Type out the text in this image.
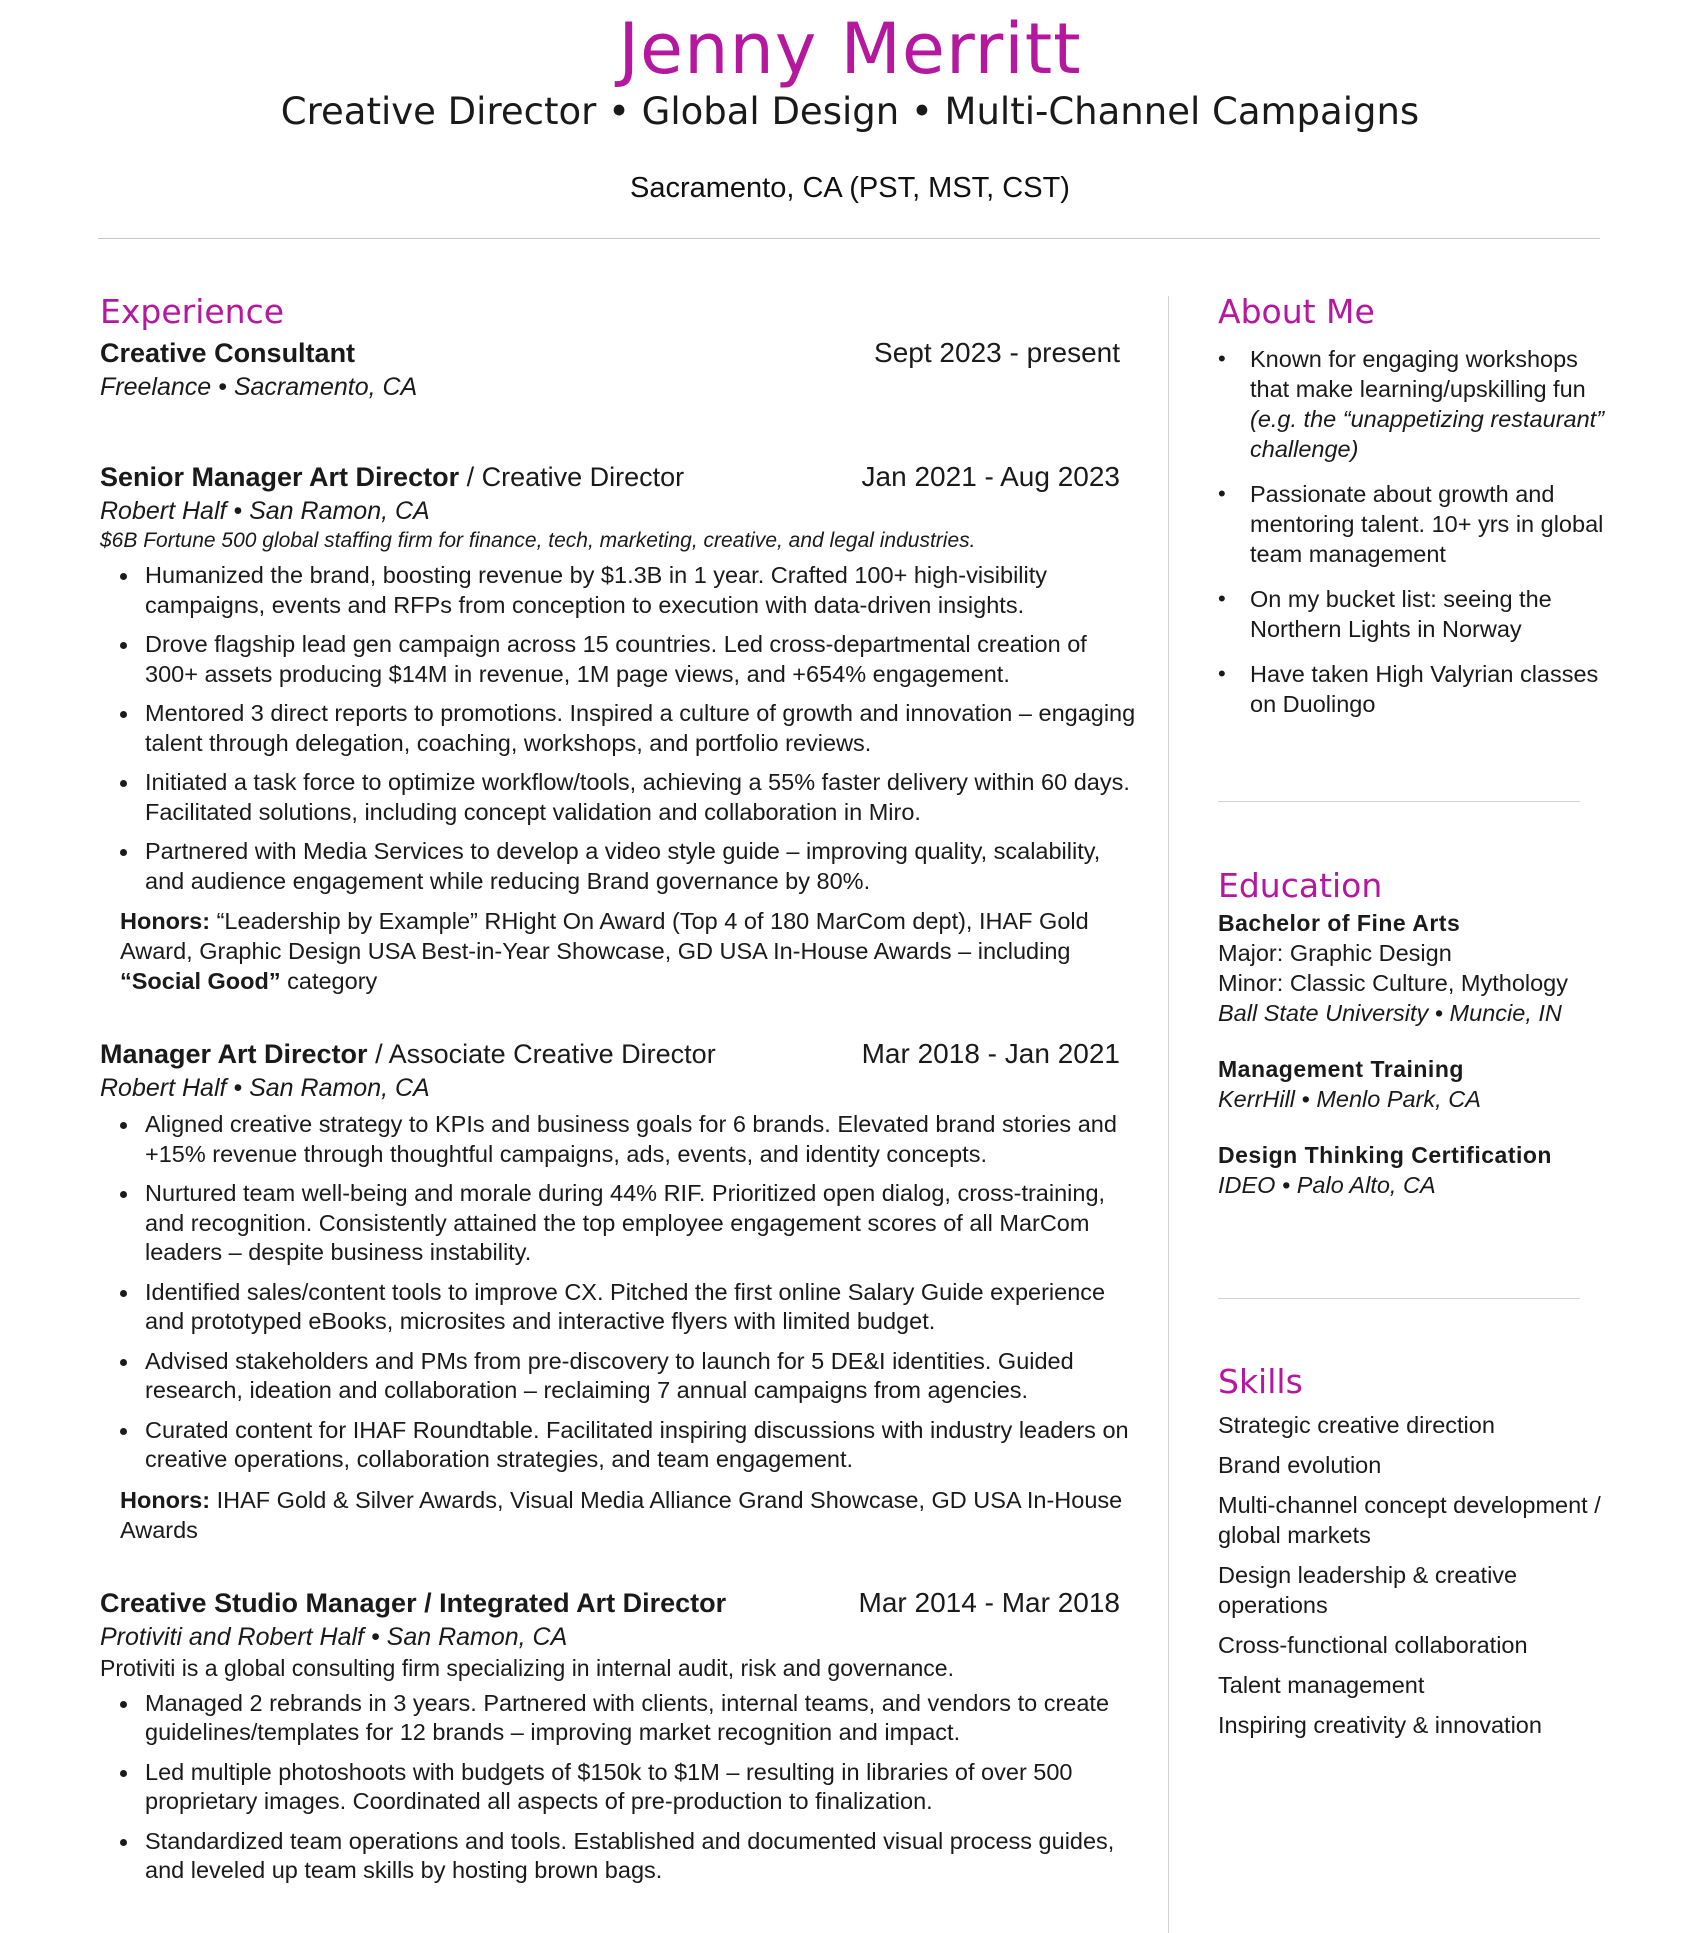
Jenny Merritt
Creative Director • Global Design • Multi-Channel Campaigns
Sacramento, CA (PST, MST, CST)
Experience
Creative Consultant	Sept 2023 - present
Freelance • Sacramento, CA
Senior Manager Art Director / Creative Director	Jan 2021 - Aug 2023
Robert Half • San Ramon, CA
$6B Fortune 500 global staffing firm for finance, tech, marketing, creative, and legal industries.
Humanized the brand, boosting revenue by $1.3B in 1 year. Crafted 100+ high-visibility campaigns, events and RFPs from conception to execution with data-driven insights.
Drove flagship lead gen campaign across 15 countries. Led cross-departmental creation of 300+ assets producing $14M in revenue, 1M page views, and +654% engagement.
Mentored 3 direct reports to promotions. Inspired a culture of growth and innovation – engaging talent through delegation, coaching, workshops, and portfolio reviews.
Initiated a task force to optimize workflow/tools, achieving a 55% faster delivery within 60 days. Facilitated solutions, including concept validation and collaboration in Miro.
Partnered with Media Services to develop a video style guide – improving quality, scalability, and audience engagement while reducing Brand governance by 80%.
Honors: “Leadership by Example” RHight On Award (Top 4 of 180 MarCom dept), IHAF Gold Award, Graphic Design USA Best-in-Year Showcase, GD USA In-House Awards – including “Social Good” category
Manager Art Director / Associate Creative Director	Mar 2018 - Jan 2021
Robert Half • San Ramon, CA
Aligned creative strategy to KPIs and business goals for 6 brands. Elevated brand stories and +15% revenue through thoughtful campaigns, ads, events, and identity concepts.
Nurtured team well-being and morale during 44% RIF. Prioritized open dialog, cross-training, and recognition. Consistently attained the top employee engagement scores of all MarCom leaders – despite business instability.
Identified sales/content tools to improve CX. Pitched the first online Salary Guide experience and prototyped eBooks, microsites and interactive flyers with limited budget.
Advised stakeholders and PMs from pre-discovery to launch for 5 DE&I identities. Guided research, ideation and collaboration – reclaiming 7 annual campaigns from agencies.
Curated content for IHAF Roundtable. Facilitated inspiring discussions with industry leaders on creative operations, collaboration strategies, and team engagement.
Honors: IHAF Gold & Silver Awards, Visual Media Alliance Grand Showcase, GD USA In-House Awards
Creative Studio Manager / Integrated Art Director	Mar 2014 - Mar 2018
Protiviti and Robert Half • San Ramon, CA
Protiviti is a global consulting firm specializing in internal audit, risk and governance.
Managed 2 rebrands in 3 years. Partnered with clients, internal teams, and vendors to create guidelines/templates for 12 brands – improving market recognition and impact.
Led multiple photoshoots with budgets of $150k to $1M – resulting in libraries of over 500 proprietary images. Coordinated all aspects of pre-production to finalization.
Standardized team operations and tools. Established and documented visual process guides, and leveled up team skills by hosting brown bags.
About Me
• Known for engaging workshops that make learning/upskilling fun (e.g. the “unappetizing restaurant” challenge)
• Passionate about growth and mentoring talent. 10+ yrs in global team management
• On my bucket list: seeing the Northern Lights in Norway
• Have taken High Valyrian classes on Duolingo
Education
Bachelor of Fine Arts
Major: Graphic Design
Minor: Classic Culture, Mythology
Ball State University • Muncie, IN
Management Training
KerrHill • Menlo Park, CA
Design Thinking Certification
IDEO • Palo Alto, CA
Skills
Strategic creative direction
Brand evolution
Multi-channel concept development / global markets
Design leadership & creative operations
Cross-functional collaboration
Talent management
Inspiring creativity & innovation
